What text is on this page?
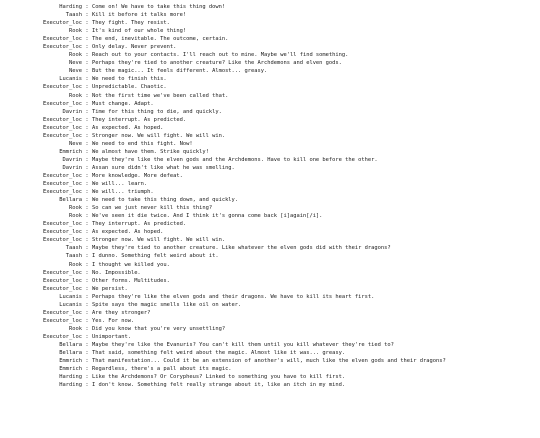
Harding : Come on! We have to take this thing down!
Taash : Kill it before it talks more!
Executor_loc : They fight. They resist.
Rook : It's kind of our whole thing!
Executor_loc : The end, inevitable. The outcome, certain.
Executor_loc : Only delay. Never prevent.
Rook : Reach out to your contacts. I'll reach out to mine. Maybe we'll find something.
Neve : Perhaps they're tied to another creature? Like the Archdemons and elven gods.
Neve : But the magic... It feels different. Almost... greasy.
Lucanis : We need to finish this.
Executor_loc : Unpredictable. Chaotic.
Rook : Not the first time we've been called that.
Executor_loc : Must change. Adapt.
Davrin : Time for this thing to die, and quickly.
Executor_loc : They interrupt. As predicted.
Executor_loc : As expected. As hoped.
Executor_loc : Stronger now. We will fight. We will win.
Neve : We need to end this fight. Now!
Emmrich : We almost have them. Strike quickly!
Davrin : Maybe they're like the elven gods and the Archdemons. Have to kill one before the other.
Davrin : Assan sure didn't like what he was smelling.
Executor_loc : More knowledge. More defeat.
Executor_loc : We will... learn.
Executor_loc : We will... triumph.
Bellara : We need to take this thing down, and quickly.
Rook : So can we just never kill this thing?
Rook : We've seen it die twice. And I think it's gonna come back [i]again[/i].
Executor_loc : They interrupt. As predicted.
Executor_loc : As expected. As hoped.
Executor_loc : Stronger now. We will fight. We will win.
Taash : Maybe they're tied to another creature. Like whatever the elven gods did with their dragons?
Taash : I dunno. Something felt weird about it.
Rook : I thought we killed you.
Executor_loc : No. Impossible.
Executor_loc : Other forms. Multitudes.
Executor_loc : We persist.
Lucanis : Perhaps they're like the elven gods and their dragons. We have to kill its heart first.
Lucanis : Spite says the magic smells like oil on water.
Executor_loc : Are they stronger?
Executor_loc : Yes. For now.
Rook : Did you know that you're very unsettling?
Executor_loc : Unimportant.
Bellara : Maybe they're like the Evanuris? You can't kill them until you kill whatever they're tied to?
Bellara : That said, something felt weird about the magic. Almost like it was... greasy.
Emmrich : That manifestation... Could it be an extension of another's will, much like the elven gods and their dragons?
Emmrich : Regardless, there's a pall about its magic.
Harding : Like the Archdemons? Or Corypheus? Linked to something you have to kill first.
Harding : I don't know. Something felt really strange about it, like an itch in my mind.
